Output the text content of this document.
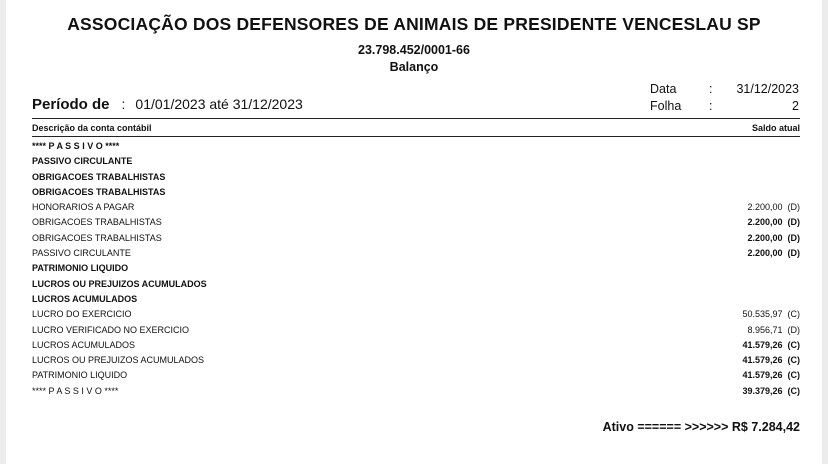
ASSOCIAÇÃO DOS DEFENSORES DE ANIMAIS DE PRESIDENTE VENCESLAU SP
23.798.452/0001-66
Balanço
Data	: 31/12/2023
Período de : 01/01/2023 até 31/12/2023	Folha :	2
Descrição da conta contábil	Saldo atual
**** P A S S I V O ****
PASSIVO CIRCULANTE
OBRIGACOES TRABALHISTAS
OBRIGACOES TRABALHISTAS
HONORARIOS A PAGAR	2.200,00  (D)
OBRIGACOES TRABALHISTAS	2.200,00  (D)
OBRIGACOES TRABALHISTAS	2.200,00  (D)
PASSIVO CIRCULANTE	2.200,00  (D)
PATRIMONIO LIQUIDO
LUCROS OU PREJUIZOS ACUMULADOS
LUCROS ACUMULADOS
LUCRO DO EXERCICIO	50.535,97  (C)
LUCRO VERIFICADO NO EXERCICIO	8.956,71  (D)
LUCROS ACUMULADOS	41.579,26  (C)
LUCROS OU PREJUIZOS ACUMULADOS	41.579,26  (C)
PATRIMONIO LIQUIDO	41.579,26  (C)
**** P A S S I V O ****	39.379,26  (C)
Ativo ====== >>>>>> R$ 7.284,42
